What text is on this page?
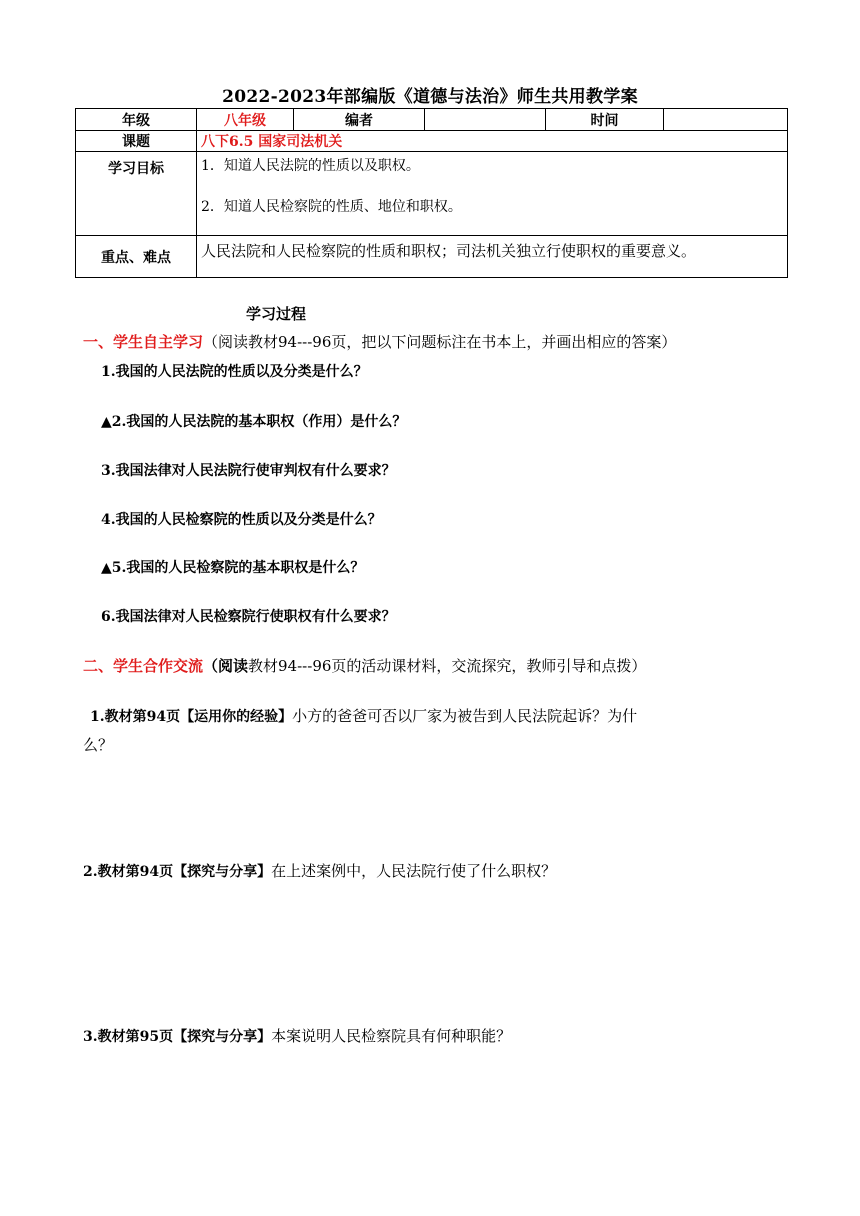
2022-2023年部编版《道德与法治》师生共用教学案
年级	八年级	编者		时间	
课题	八下6.5 国家司法机关				
学习目标	1．知道人民法院的性质以及职权。
2．知道人民检察院的性质、地位和职权。				

重点、难点	人民法院和人民检察院的性质和职权；司法机关独立行使职权的重要意义。				
学习过程
一、学生自主学习（阅读教材94---96页，把以下问题标注在书本上，并画出相应的答案）
1.我国的人民法院的性质以及分类是什么？
▲2.我国的人民法院的基本职权（作用）是什么？
3.我国法律对人民法院行使审判权有什么要求？
4.我国的人民检察院的性质以及分类是什么？
▲5.我国的人民检察院的基本职权是什么？
6.我国法律对人民检察院行使职权有什么要求？
二、学生合作交流（阅读教材94---96页的活动课材料，交流探究，教师引导和点拨）
1.教材第94页【运用你的经验】小方的爸爸可否以厂家为被告到人民法院起诉？为什
么？
2.教材第94页【探究与分享】在上述案例中，人民法院行使了什么职权？
3.教材第95页【探究与分享】本案说明人民检察院具有何种职能？
